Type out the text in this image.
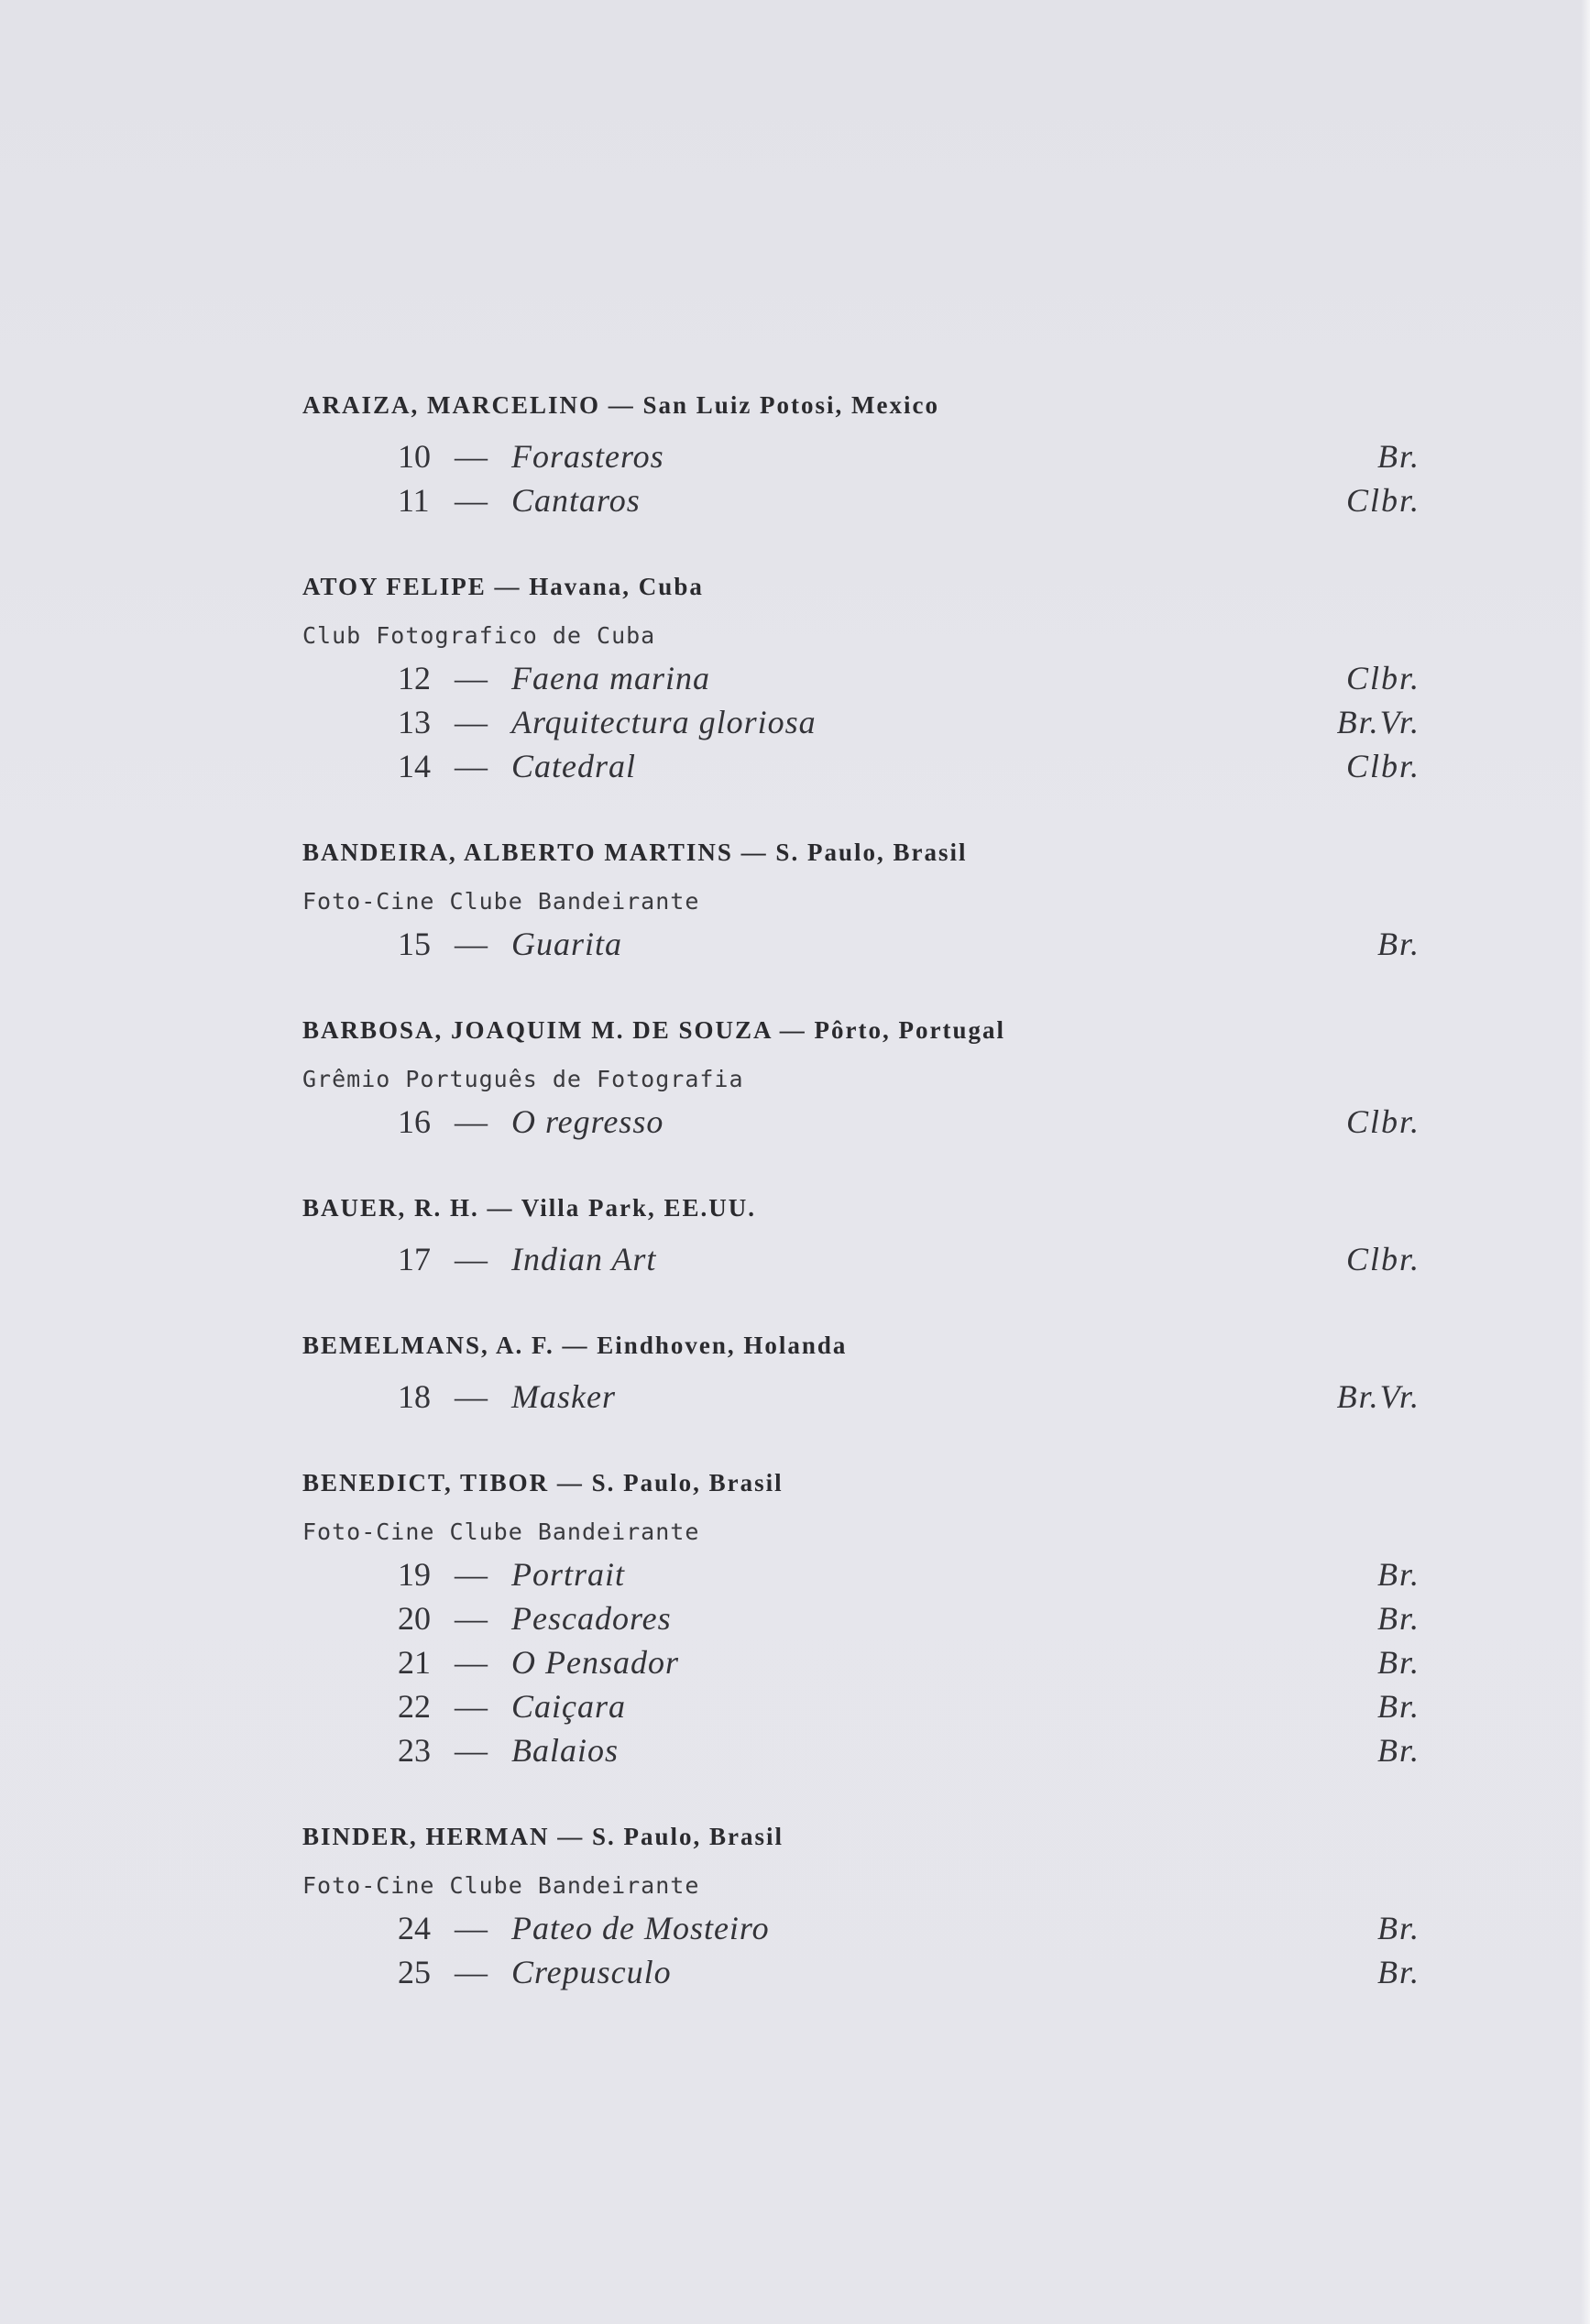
ARAIZA, MARCELINO — San Luiz Potosi, Mexico
10 — Forasteros	Br.
11 — Cantaros	Clbr.
ATOY FELIPE — Havana, Cuba
Club Fotografico de Cuba
12 — Faena marina	Clbr.
13 — Arquitectura gloriosa	Br.Vr.
14 — Catedral	Clbr.
BANDEIRA, ALBERTO MARTINS — S. Paulo, Brasil
Foto-Cine Clube Bandeirante
15 — Guarita	Br.
BARBOSA, JOAQUIM M. DE SOUZA — Pôrto, Portugal
Grêmio Português de Fotografia
16 — O regresso	Clbr.
BAUER, R. H. — Villa Park, EE.UU.
17 — Indian Art	Clbr.
BEMELMANS, A. F. — Eindhoven, Holanda
18 — Masker	Br.Vr.
BENEDICT, TIBOR — S. Paulo, Brasil
Foto-Cine Clube Bandeirante
19 — Portrait	Br.
20 — Pescadores	Br.
21 — O Pensador	Br.
22 — Caiçara	Br.
23 — Balaios	Br.
BINDER, HERMAN — S. Paulo, Brasil
Foto-Cine Clube Bandeirante
24 — Pateo de Mosteiro	Br.
25 — Crepusculo	Br.
